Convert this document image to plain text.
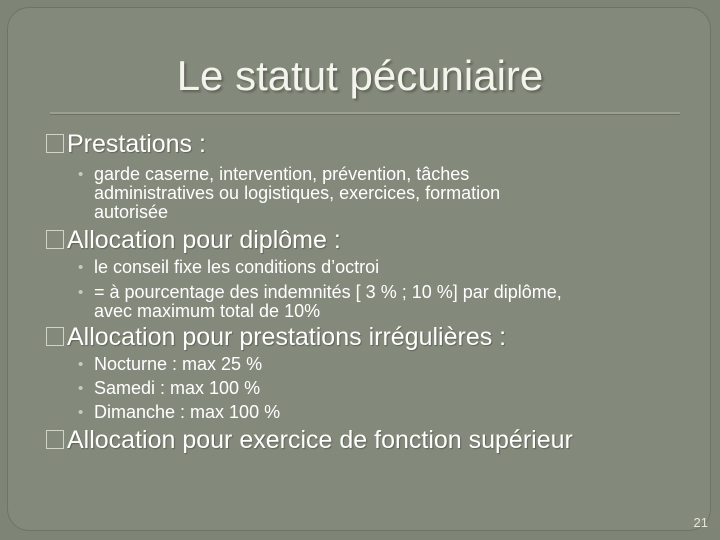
Le statut pécuniaire
Prestations :
• garde caserne, intervention, prévention, tâches
administratives ou logistiques, exercices, formation
autorisée
Allocation pour diplôme :
• le conseil fixe les conditions d’octroi
• = à pourcentage des indemnités [ 3 % ; 10 %] par diplôme,
avec maximum total de 10%
Allocation pour prestations irrégulières :
• Nocturne : max 25 %
• Samedi : max 100 %
• Dimanche : max 100 %
Allocation pour exercice de fonction supérieur
21
